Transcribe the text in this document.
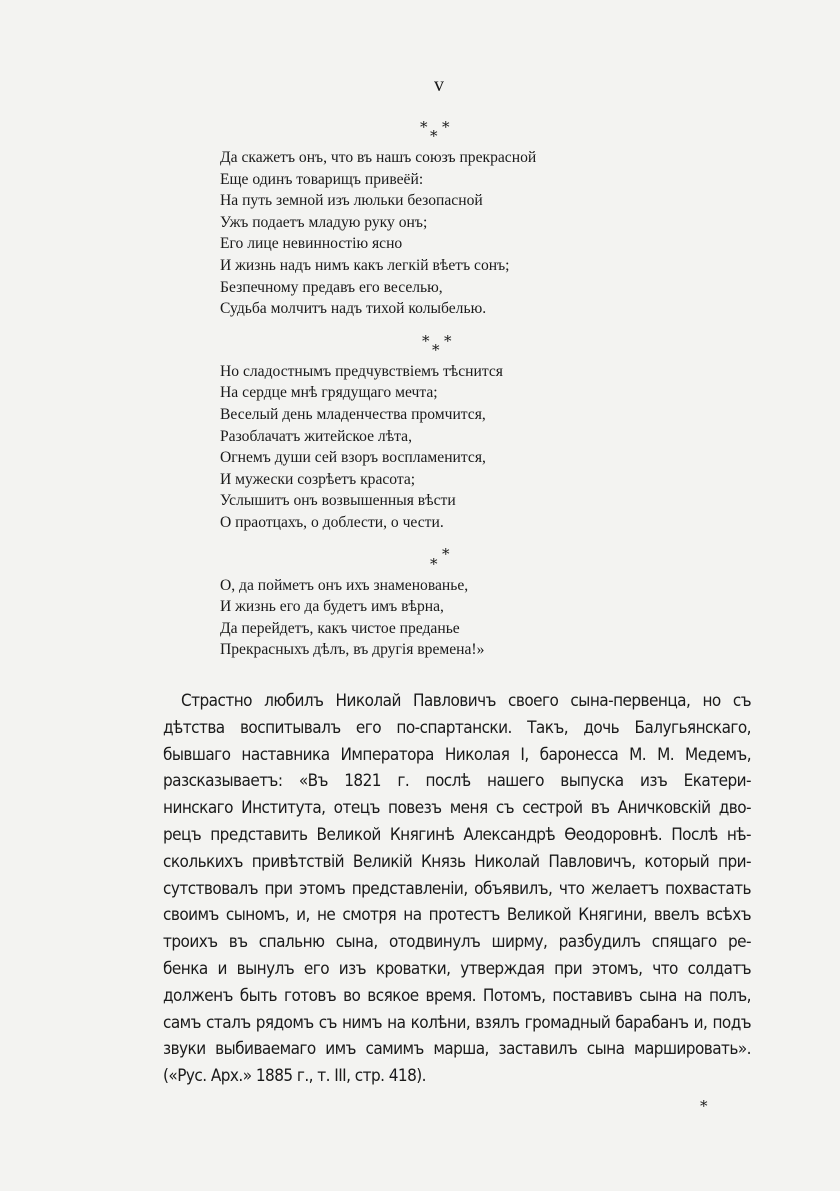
v
* * *
Да скажетъ онъ, что въ нашъ союзъ прекрасной
Еще одинъ товарищъ привеёй:
На путь земной изъ люльки безопасной
Ужъ подаетъ младую руку онъ;
Его лице невинностію ясно
И жизнь надъ нимъ какъ легкій вѣетъ сонъ;
Безпечному предавъ его веселью,
Судьба молчитъ надъ тихой колыбелью.
* * *
Но сладостнымъ предчувствіемъ тѣснится
На сердце мнѣ грядущаго мечта;
Веселый день младенчества промчится,
Разоблачатъ житейское лѣта,
Огнемъ души сей взоръ воспламенится,
И мужески созрѣетъ красота;
Услышитъ онъ возвышенныя вѣсти
О праотцахъ, о доблести, о чести.
*
*
О, да пойметъ онъ ихъ знаменованье,
И жизнь его да будетъ имъ вѣрна,
Да перейдетъ, какъ чистое преданье
Прекрасныхъ дѣлъ, въ другія времена!»
Страстно любилъ Николай Павловичъ своего сына-первенца, но съ
дѣтства воспитывалъ его по-спартански. Такъ, дочь Балугьянскаго,
бывшаго наставника Императора Николая I, баронесса М. М. Медемъ,
разсказываетъ: «Въ 1821 г. послѣ нашего выпуска изъ Екатери-
нинскаго Института, отецъ повезъ меня съ сестрой въ Аничковскій дво-
рецъ представить Великой Княгинѣ Александрѣ Ѳеодоровнѣ. Послѣ нѣ-
сколькихъ привѣтствій Великій Князь Николай Павловичъ, который при-
сутствовалъ при этомъ представленіи, объявилъ, что желаетъ похвастать
своимъ сыномъ, и, не смотря на протестъ Великой Княгини, ввелъ всѣхъ
троихъ въ спальню сына, отодвинулъ ширму, разбудилъ спящаго ре-
бенка и вынулъ его изъ кроватки, утверждая при этомъ, что солдатъ
долженъ быть готовъ во всякое время. Потомъ, поставивъ сына на полъ,
самъ сталъ рядомъ съ нимъ на колѣни, взялъ громадный барабанъ и, подъ
звуки выбиваемаго имъ самимъ марша, заставилъ сына маршировать».
(«Рус. Арх.» 1885 г., т. III, стр. 418).
*
